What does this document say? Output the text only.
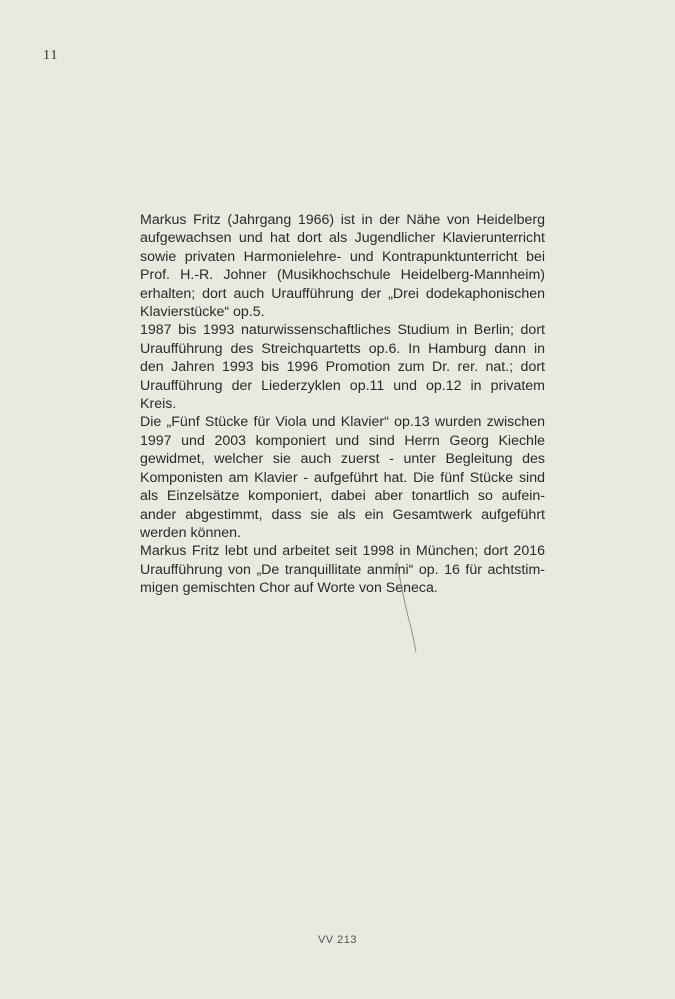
11

Markus Fritz (Jahrgang 1966) ist in der Nähe von Heidelberg
aufgewachsen und hat dort als Jugendlicher Klavierunterricht
sowie privaten Harmonielehre- und Kontrapunktunterricht bei
Prof. H.-R. Johner (Musikhochschule Heidelberg-Mannheim)
erhalten; dort auch Uraufführung der „Drei dodekaphonischen
Klavierstücke“ op.5.

1987 bis 1993 naturwissenschaftliches Studium in Berlin; dort
Uraufführung des Streichquartetts op.6. In Hamburg dann in
den Jahren 1993 bis 1996 Promotion zum Dr. rer. nat.; dort
Uraufführung der Liederzyklen op.11 und op.12 in privatem
Kreis.

Die „Fünf Stücke für Viola und Klavier“ op.13 wurden zwischen
1997 und 2003 komponiert und sind Herrn Georg Kiechle
gewidmet, welcher sie auch zuerst - unter Begleitung des
Komponisten am Klavier - aufgeführt hat. Die fünf Stücke sind
als Einzelsätze komponiert, dabei aber tonartlich so aufein-
ander abgestimmt, dass sie als ein Gesamtwerk aufgeführt
werden können.

Markus Fritz lebt und arbeitet seit 1998 in München; dort 2016
Uraufführung von „De tranquillitate anmini“ op. 16 für achtstim-
migen gemischten Chor auf Worte von Seneca.

VV 213
